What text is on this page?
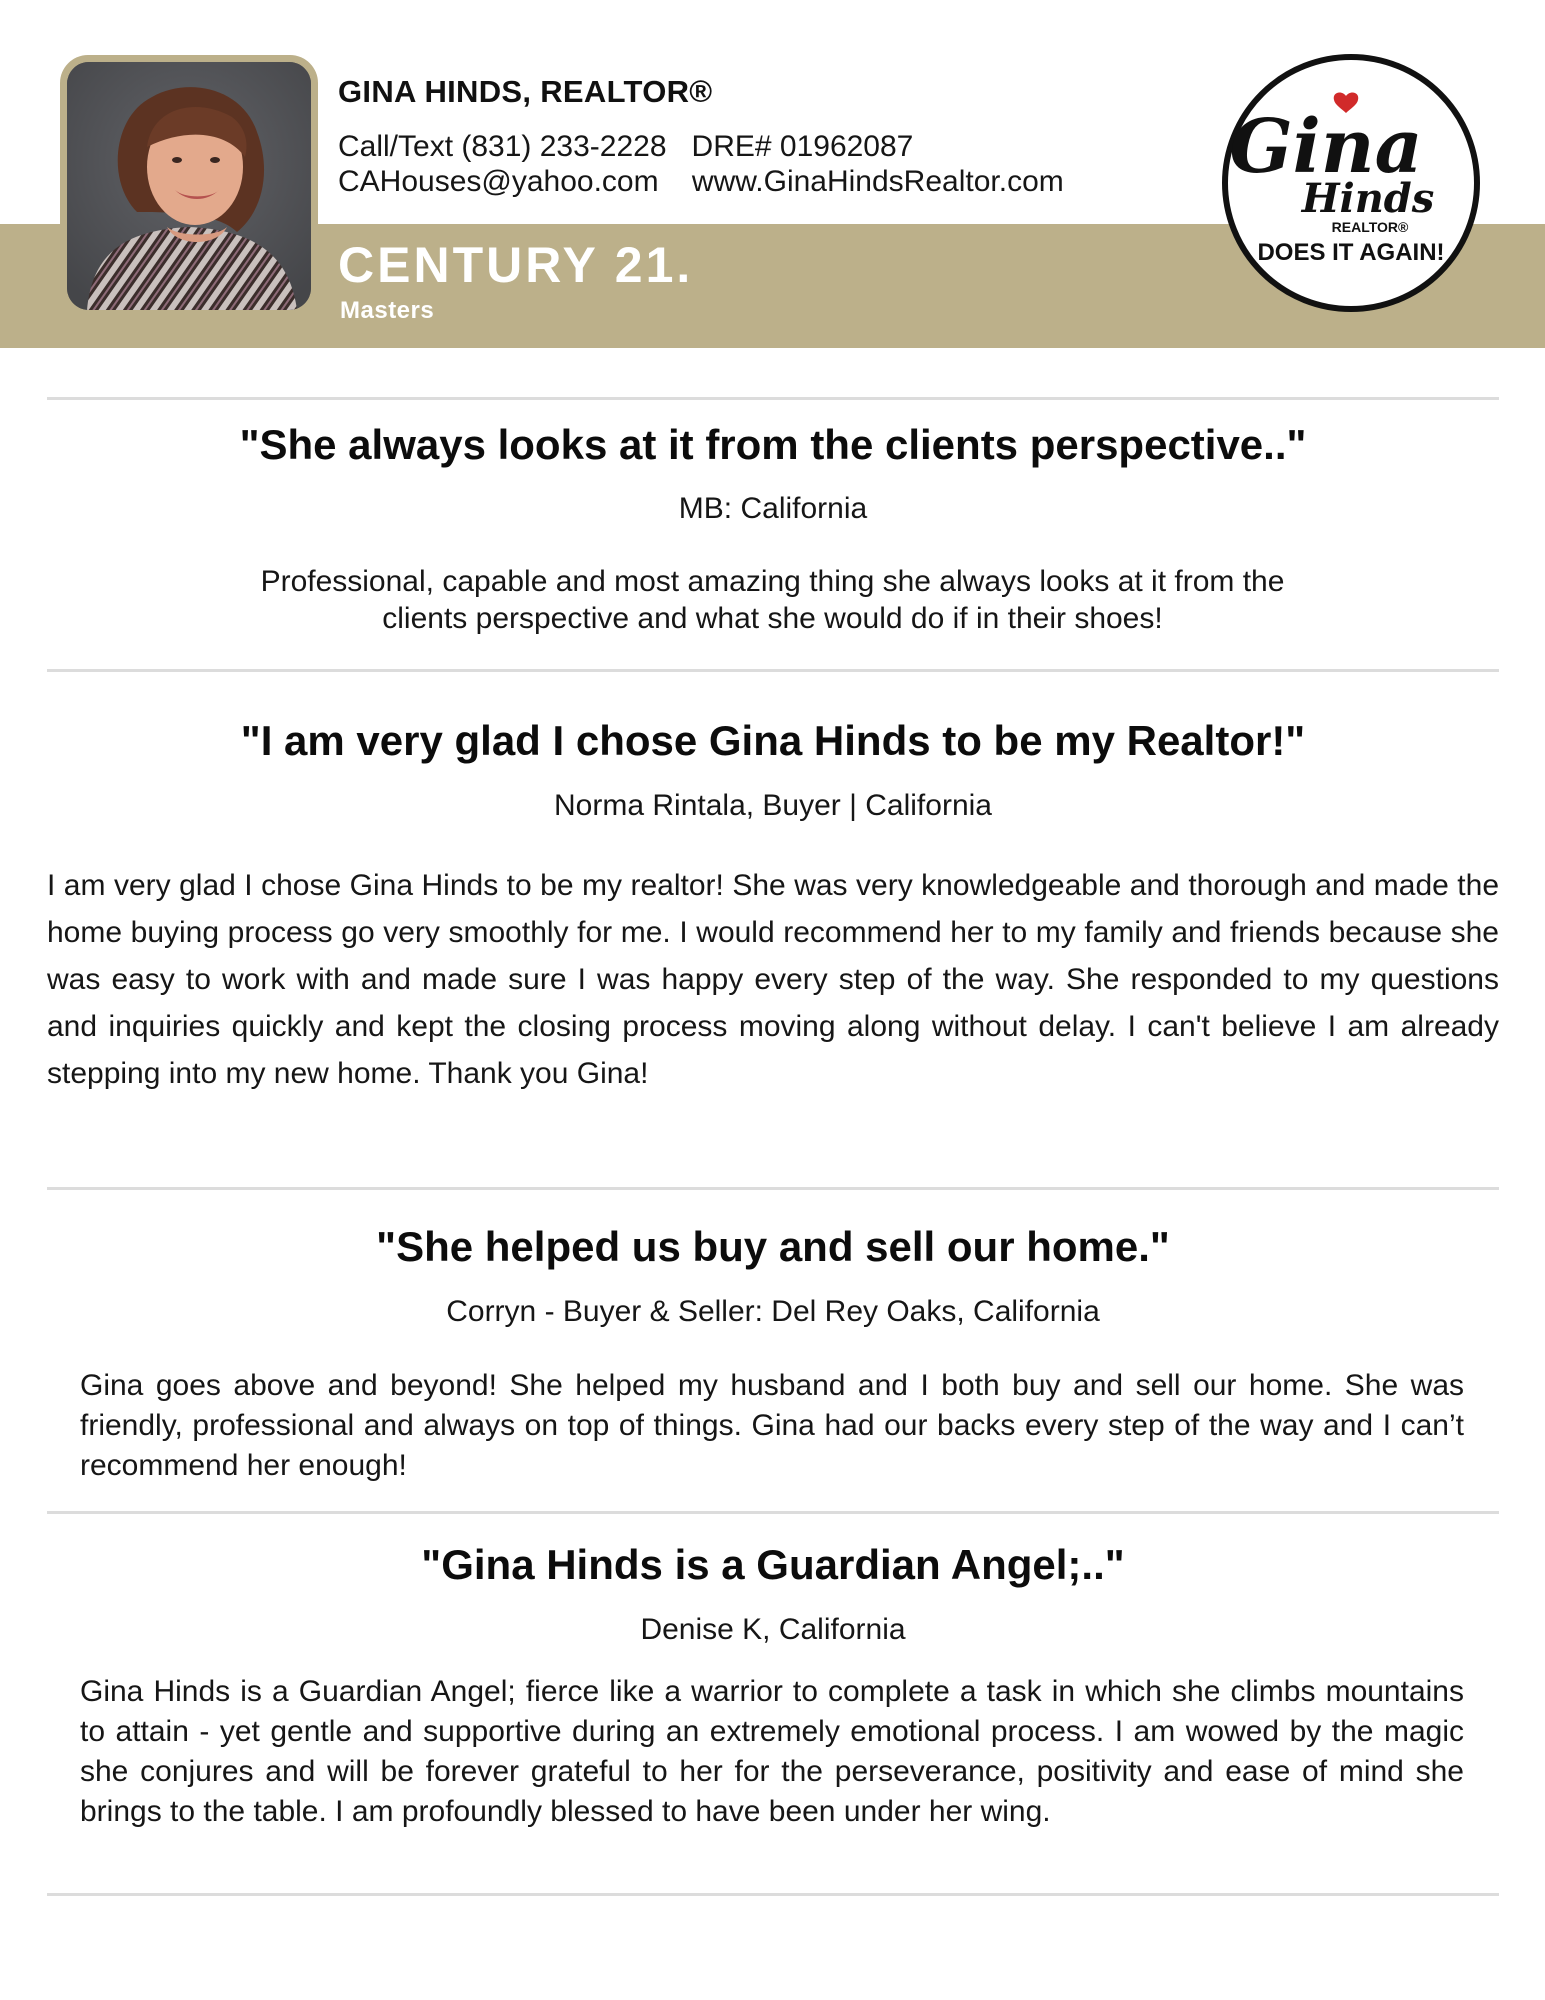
GINA HINDS, REALTOR®
Call/Text (831) 233-2228   DRE# 01962087
CAHouses@yahoo.com    www.GinaHindsRealtor.com
CENTURY 21.
Masters
Gina
Hinds
REALTOR®
DOES IT AGAIN!
"She always looks at it from the clients perspective.."
MB: California
Professional, capable and most amazing thing she always looks at it from the clients perspective and what she would do if in their shoes!
"I am very glad I chose Gina Hinds to be my Realtor!"
Norma Rintala, Buyer | California
I am very glad I chose Gina Hinds to be my realtor! She was very knowledgeable and thorough and made the home buying process go very smoothly for me. I would recommend her to my family and friends because she was easy to work with and made sure I was happy every step of the way. She responded to my questions and inquiries quickly and kept the closing process moving along without delay. I can't believe I am already stepping into my new home. Thank you Gina!
"She helped us buy and sell our home."
Corryn - Buyer & Seller: Del Rey Oaks, California
Gina goes above and beyond! She helped my husband and I both buy and sell our home. She was friendly, professional and always on top of things. Gina had our backs every step of the way and I can’t recommend her enough!
"Gina Hinds is a Guardian Angel;.."
Denise K, California
Gina Hinds is a Guardian Angel; fierce like a warrior to complete a task in which she climbs mountains to attain - yet gentle and supportive during an extremely emotional process. I am wowed by the magic she conjures and will be forever grateful to her for the perseverance, positivity and ease of mind she brings to the table. I am profoundly blessed to have been under her wing.
